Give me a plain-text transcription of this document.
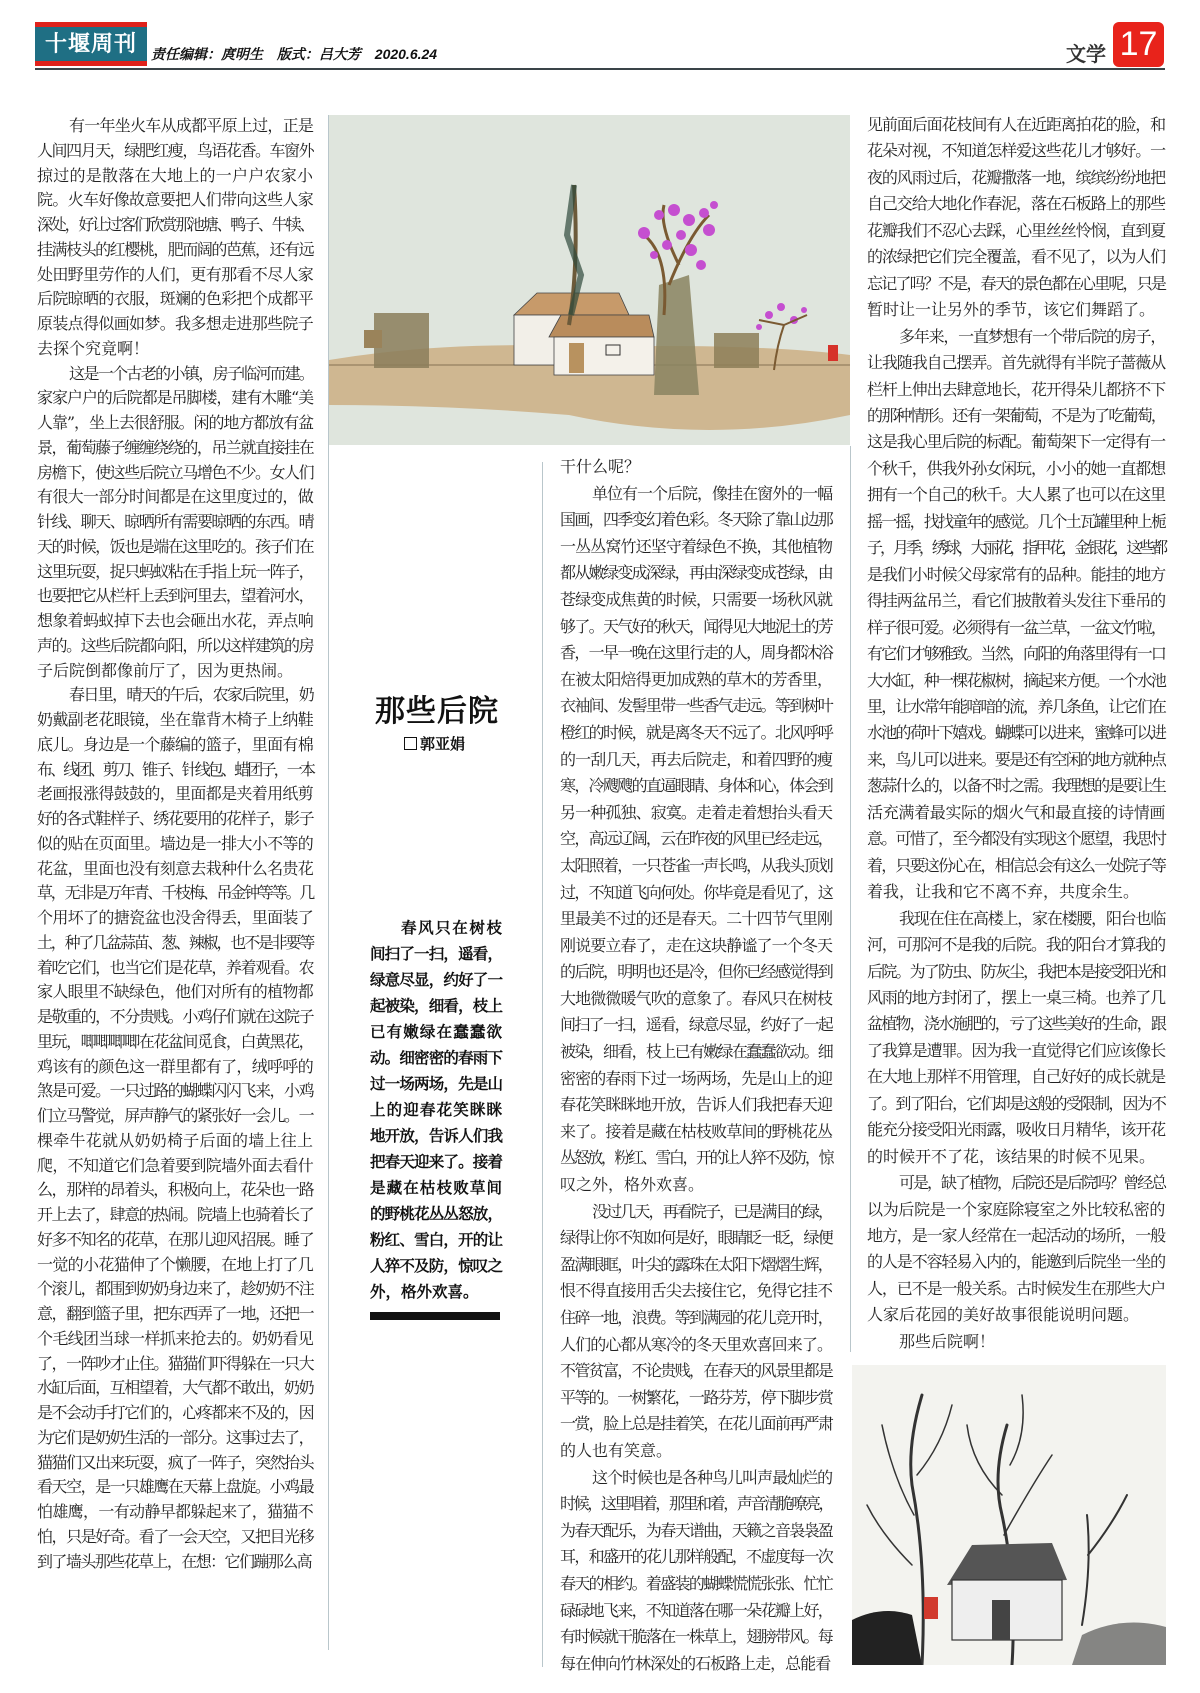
十堰周刊	责任编辑：庹明生 版式：吕大芳 2020.6.24	文学 17
那些后院
郭亚娟
春风只在树枝
间扫了一扫，遥看，
绿意尽显，约好了一
起被染，细看，枝上
已有嫩绿在蠢蠢欲
动。细密密的春雨下
过一场两场，先是山
上的迎春花笑眯眯
地开放，告诉人们我
把春天迎来了。接着
是藏在枯枝败草间
的野桃花丛丛怒放，
粉红、雪白，开的让
人猝不及防，惊叹之
外，格外欢喜。
有一年坐火车从成都平原上过，正是
人间四月天，绿肥红瘦，鸟语花香。车窗外
掠过的是散落在大地上的一户户农家小
院。火车好像故意要把人们带向这些人家
深处，好让过客们欣赏那池塘、鸭子、牛犊、
挂满枝头的红樱桃，肥而阔的芭蕉，还有远
处田野里劳作的人们，更有那看不尽人家
后院晾晒的衣服，斑斓的色彩把个成都平
原装点得似画如梦。我多想走进那些院子
去探个究竟啊！
这是一个古老的小镇，房子临河而建。
家家户户的后院都是吊脚楼，建有木雕“美
人靠”，坐上去很舒服。闲的地方都放有盆
景，葡萄藤子缠缠绕绕的，吊兰就直接挂在
房檐下，使这些后院立马增色不少。女人们
有很大一部分时间都是在这里度过的，做
针线、聊天、晾晒所有需要晾晒的东西。晴
天的时候，饭也是端在这里吃的。孩子们在
这里玩耍，捉只蚂蚁粘在手指上玩一阵子，
也要把它从栏杆上丢到河里去，望着河水，
想象着蚂蚁掉下去也会砸出水花，弄点响
声的。这些后院都向阳，所以这样建筑的房
子后院倒都像前厅了，因为更热闹。
春日里，晴天的午后，农家后院里，奶
奶戴副老花眼镜，坐在靠背木椅子上纳鞋
底儿。身边是一个藤编的篮子，里面有棉
布、线团、剪刀、锥子、针线包、蜡团子，一本
老画报涨得鼓鼓的，里面都是夹着用纸剪
好的各式鞋样子、绣花要用的花样子，影子
似的贴在页面里。墙边是一排大小不等的
花盆，里面也没有刻意去栽种什么名贵花
草，无非是万年青、千枝梅、吊金钟等等。几
个用坏了的搪瓷盆也没舍得丢，里面装了
土，种了几盆蒜苗、葱、辣椒，也不是非要等
着吃它们，也当它们是花草，养着观看。农
家人眼里不缺绿色，他们对所有的植物都
是敬重的，不分贵贱。小鸡仔们就在这院子
里玩，唧唧唧唧在花盆间觅食，白黄黑花，
鸡该有的颜色这一群里都有了，绒呼呼的
煞是可爱。一只过路的蝴蝶闪闪飞来，小鸡
们立马警觉，屏声静气的紧张好一会儿。一
棵牵牛花就从奶奶椅子后面的墙上往上
爬，不知道它们急着要到院墙外面去看什
么，那样的昂着头，积极向上，花朵也一路
开上去了，肆意的热闹。院墙上也骑着长了
好多不知名的花草，在那儿迎风招展。睡了
一觉的小花猫伸了个懒腰，在地上打了几
个滚儿，都围到奶奶身边来了，趁奶奶不注
意，翻到篮子里，把东西弄了一地，还把一
个毛线团当球一样抓来抢去的。奶奶看见
了，一阵吵才止住。猫猫们吓得躲在一只大
水缸后面，互相望着，大气都不敢出，奶奶
是不会动手打它们的，心疼都来不及的，因
为它们是奶奶生活的一部分。这事过去了，
猫猫们又出来玩耍，疯了一阵子，突然抬头
看天空，是一只雄鹰在天幕上盘旋。小鸡最
怕雄鹰，一有动静早都躲起来了，猫猫不
怕，只是好奇。看了一会天空，又把目光移
到了墙头那些花草上，在想：它们蹦那么高
干什么呢？
单位有一个后院，像挂在窗外的一幅
国画，四季变幻着色彩。冬天除了靠山边那
一丛丛窝竹还坚守着绿色不换，其他植物
都从嫩绿变成深绿，再由深绿变成苍绿，由
苍绿变成焦黄的时候，只需要一场秋风就
够了。天气好的秋天，闻得见大地泥土的芳
香，一早一晚在这里行走的人，周身都沐浴
在被太阳焙得更加成熟的草木的芳香里，
衣袖间、发髻里带一些香气走远。等到树叶
橙红的时候，就是离冬天不远了。北风呼呼
的一刮几天，再去后院走，和着四野的瘦
寒，冷飕飕的直逼眼睛、身体和心，体会到
另一种孤独、寂寞。走着走着想抬头看天
空，高远辽阔，云在昨夜的风里已经走远，
太阳照着，一只苍雀一声长鸣，从我头顶划
过，不知道飞向何处。你毕竟是看见了，这
里最美不过的还是春天。二十四节气里刚
刚说要立春了，走在这块静谧了一个冬天
的后院，明明也还是冷，但你已经感觉得到
大地微微暖气吹的意象了。春风只在树枝
间扫了一扫，遥看，绿意尽显，约好了一起
被染，细看，枝上已有嫩绿在蠢蠢欲动。细
密密的春雨下过一场两场，先是山上的迎
春花笑眯眯地开放，告诉人们我把春天迎
来了。接着是藏在枯枝败草间的野桃花丛
丛怒放，粉红、雪白，开的让人猝不及防，惊
叹之外，格外欢喜。
没过几天，再看院子，已是满目的绿，
绿得让你不知如何是好，眼睛眨一眨，绿便
盈满眼眶，叶尖的露珠在太阳下熠熠生辉，
恨不得直接用舌尖去接住它，免得它挂不
住碎一地，浪费。等到满园的花儿竞开时，
人们的心都从寒冷的冬天里欢喜回来了。
不管贫富，不论贵贱，在春天的风景里都是
平等的。一树繁花，一路芬芳，停下脚步赏
一赏，脸上总是挂着笑，在花儿面前再严肃
的人也有笑意。
这个时候也是各种鸟儿叫声最灿烂的
时候，这里唱着，那里和着，声音清脆嘹亮，
为春天配乐，为春天谱曲，天籁之音袅袅盈
耳，和盛开的花儿那样般配，不虚度每一次
春天的相约。着盛装的蝴蝶慌慌张张、忙忙
碌碌地飞来，不知道落在哪一朵花瓣上好，
有时候就干脆落在一株草上，翅膀带风。每
每在伸向竹林深处的石板路上走，总能看
见前面后面花枝间有人在近距离拍花的脸，和
花朵对视，不知道怎样爱这些花儿才够好。一
夜的风雨过后，花瓣撒落一地，缤缤纷纷地把
自己交给大地化作春泥，落在石板路上的那些
花瓣我们不忍心去踩，心里丝丝怜悯，直到夏
的浓绿把它们完全覆盖，看不见了，以为人们
忘记了吗？不是，春天的景色都在心里呢，只是
暂时让一让另外的季节，该它们舞蹈了。
多年来，一直梦想有一个带后院的房子，
让我随我自己摆弄。首先就得有半院子蔷薇从
栏杆上伸出去肆意地长，花开得朵儿都挤不下
的那种情形。还有一架葡萄，不是为了吃葡萄，
这是我心里后院的标配。葡萄架下一定得有一
个秋千，供我外孙女闲玩，小小的她一直都想
拥有一个自己的秋千。大人累了也可以在这里
摇一摇，找找童年的感觉。几个土瓦罐里种上栀
子，月季，绣球，大丽花，指甲花，金银花，这些都
是我们小时候父母家常有的品种。能挂的地方
得挂两盆吊兰，看它们披散着头发往下垂吊的
样子很可爱。必须得有一盆兰草，一盆文竹啦，
有它们才够雅致。当然，向阳的角落里得有一口
大水缸，种一棵花椒树，摘起来方便。一个水池
里，让水常年能喑喑的流，养几条鱼，让它们在
水池的荷叶下嬉戏。蝴蝶可以进来，蜜蜂可以进
来，鸟儿可以进来。要是还有空闲的地方就种点
葱蒜什么的，以备不时之需。我理想的是要让生
活充满着最实际的烟火气和最直接的诗情画
意。可惜了，至今都没有实现这个愿望，我思忖
着，只要这份心在，相信总会有这么一处院子等
着我，让我和它不离不弃，共度余生。
我现在住在高楼上，家在楼腰，阳台也临
河，可那河不是我的后院。我的阳台才算我的
后院。为了防虫、防灰尘，我把本是接受阳光和
风雨的地方封闭了，摆上一桌三椅。也养了几
盆植物，浇水施肥的，亏了这些美好的生命，跟
了我算是遭罪。因为我一直觉得它们应该像长
在大地上那样不用管理，自己好好的成长就是
了。到了阳台，它们却是这般的受限制，因为不
能充分接受阳光雨露，吸收日月精华，该开花
的时候开不了花，该结果的时候不见果。
可是，缺了植物，后院还是后院吗？曾经总
以为后院是一个家庭除寝室之外比较私密的
地方，是一家人经常在一起活动的场所，一般
的人是不容轻易入内的，能邀到后院坐一坐的
人，已不是一般关系。古时候发生在那些大户
人家后花园的美好故事很能说明问题。
那些后院啊！
